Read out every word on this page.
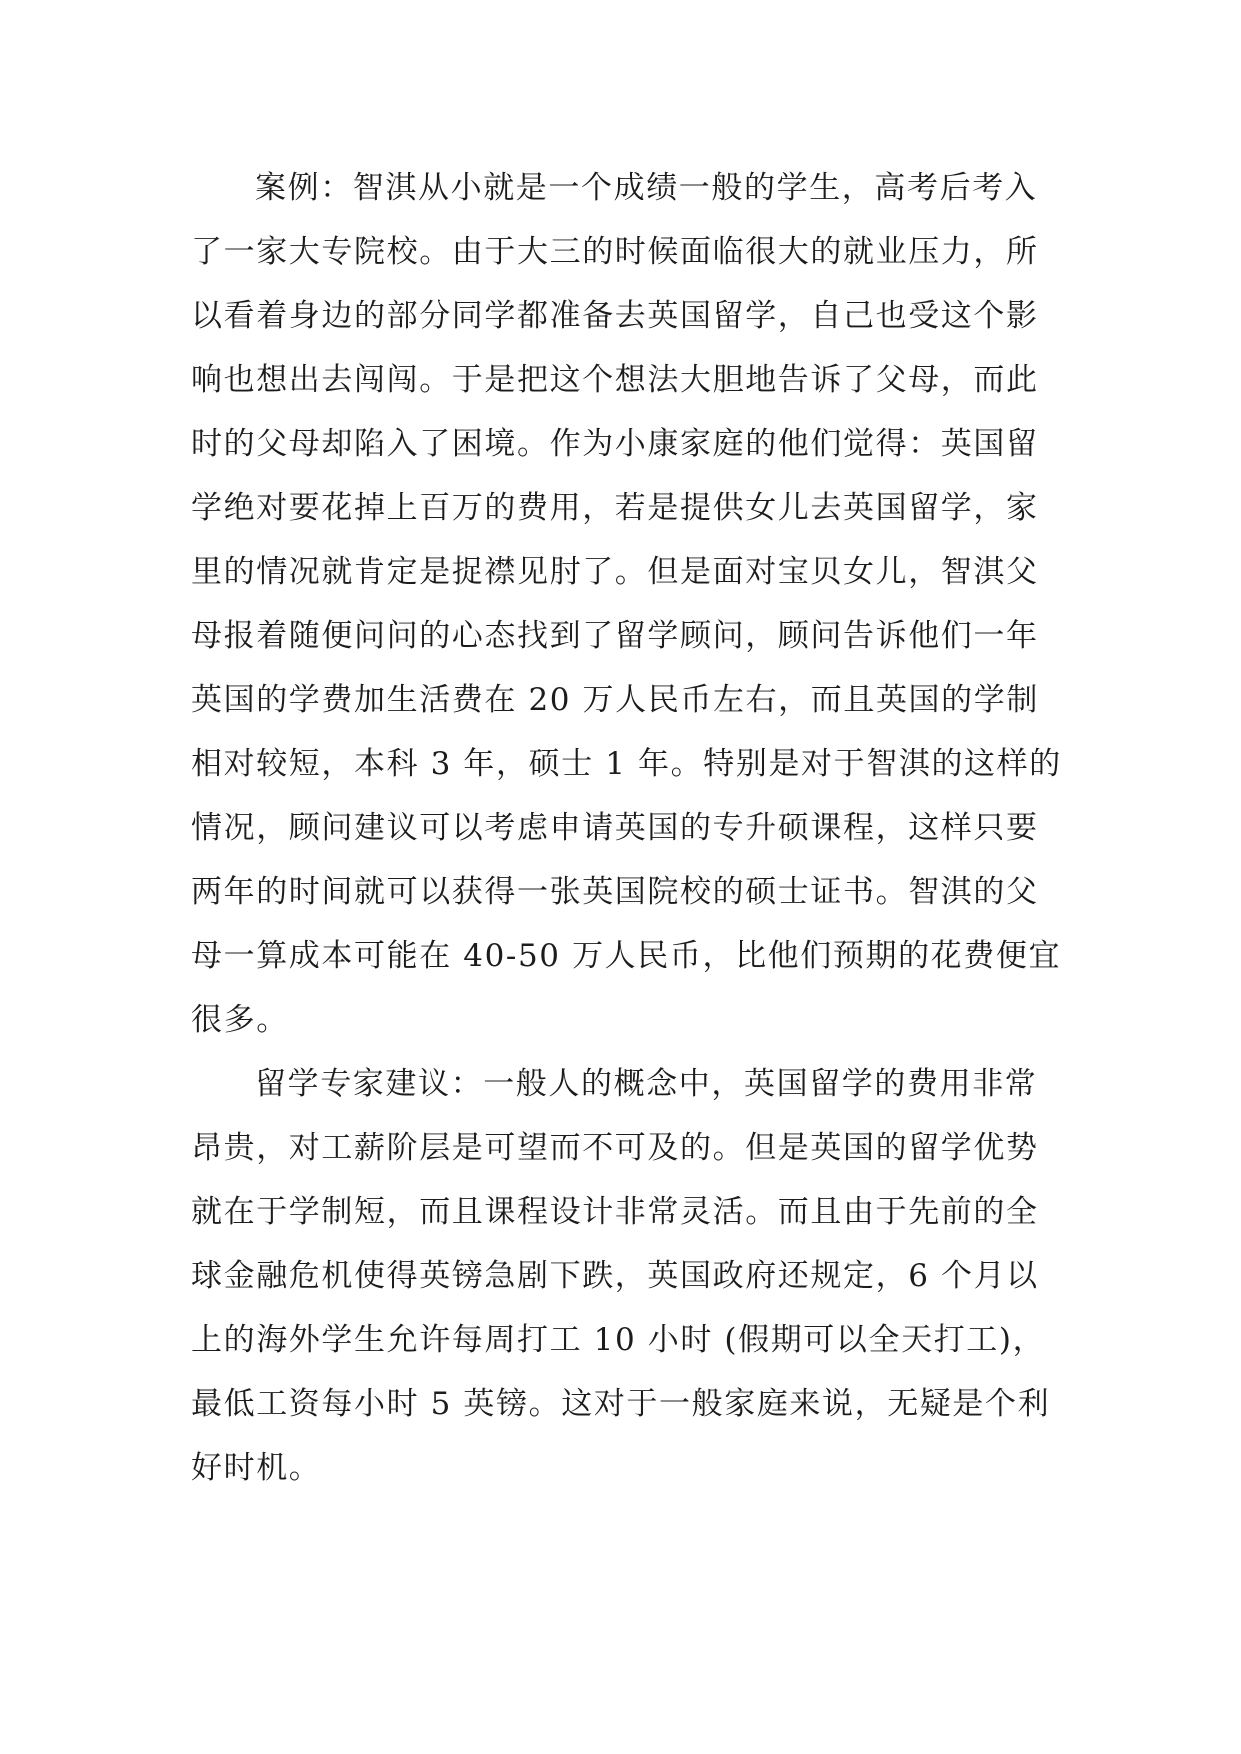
案例：智淇从小就是一个成绩一般的学生，高考后考入
了一家大专院校。由于大三的时候面临很大的就业压力，所
以看着身边的部分同学都准备去英国留学，自己也受这个影
响也想出去闯闯。于是把这个想法大胆地告诉了父母，而此
时的父母却陷入了困境。作为小康家庭的他们觉得：英国留
学绝对要花掉上百万的费用，若是提供女儿去英国留学，家
里的情况就肯定是捉襟见肘了。但是面对宝贝女儿，智淇父
母报着随便问问的心态找到了留学顾问，顾问告诉他们一年
英国的学费加生活费在 20 万人民币左右，而且英国的学制
相对较短，本科 3 年，硕士 1 年。特别是对于智淇的这样的
情况，顾问建议可以考虑申请英国的专升硕课程，这样只要
两年的时间就可以获得一张英国院校的硕士证书。智淇的父
母一算成本可能在 40-50 万人民币，比他们预期的花费便宜
很多。
留学专家建议：一般人的概念中，英国留学的费用非常
昂贵，对工薪阶层是可望而不可及的。但是英国的留学优势
就在于学制短，而且课程设计非常灵活。而且由于先前的全
球金融危机使得英镑急剧下跌，英国政府还规定，6 个月以
上的海外学生允许每周打工 10 小时 (假期可以全天打工)，
最低工资每小时 5 英镑。这对于一般家庭来说，无疑是个利
好时机。
